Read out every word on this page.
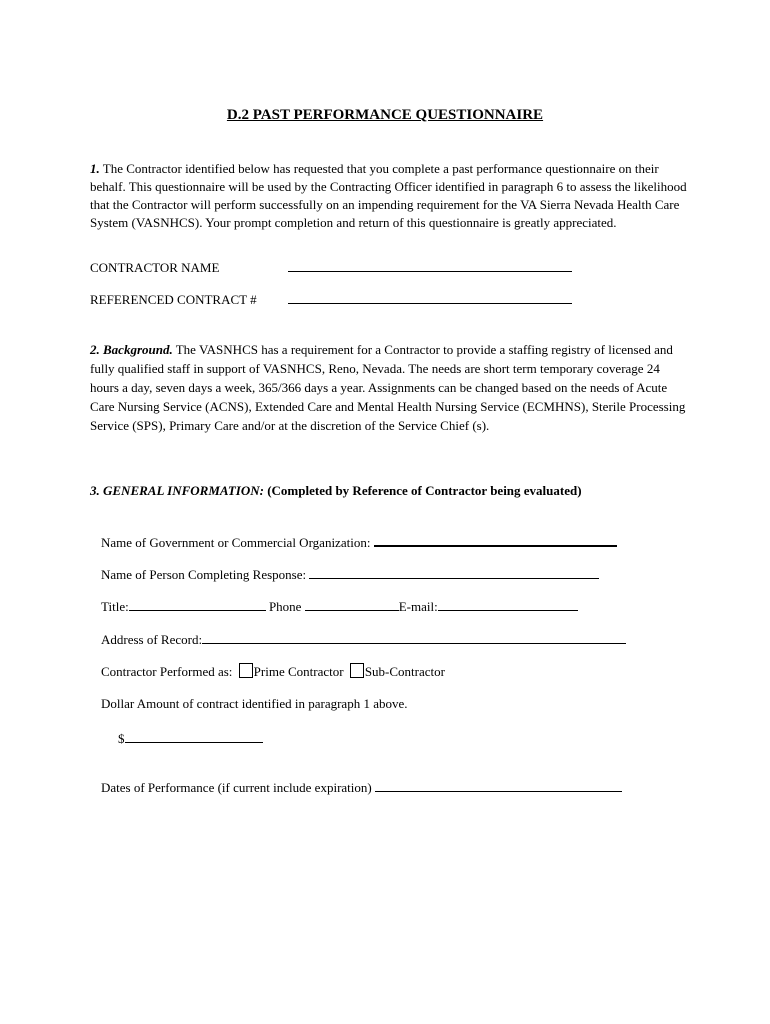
D.2 PAST PERFORMANCE QUESTIONNAIRE
1. The Contractor identified below has requested that you complete a past performance questionnaire on their behalf. This questionnaire will be used by the Contracting Officer identified in paragraph 6 to assess the likelihood that the Contractor will perform successfully on an impending requirement for the VA Sierra Nevada Health Care System (VASNHCS). Your prompt completion and return of this questionnaire is greatly appreciated.
CONTRACTOR NAME
REFERENCED CONTRACT #
2. Background. The VASNHCS has a requirement for a Contractor to provide a staffing registry of licensed and fully qualified staff in support of VASNHCS, Reno, Nevada. The needs are short term temporary coverage 24 hours a day, seven days a week, 365/366 days a year. Assignments can be changed based on the needs of Acute Care Nursing Service (ACNS), Extended Care and Mental Health Nursing Service (ECMHNS), Sterile Processing Service (SPS), Primary Care and/or at the discretion of the Service Chief (s).
3. GENERAL INFORMATION: (Completed by Reference of Contractor being evaluated)
Name of Government or Commercial Organization:
Name of Person Completing Response:
Title:	Phone	E-mail:
Address of Record:
Contractor Performed as: Prime Contractor Sub-Contractor
Dollar Amount of contract identified in paragraph 1 above.
$
Dates of Performance (if current include expiration)
